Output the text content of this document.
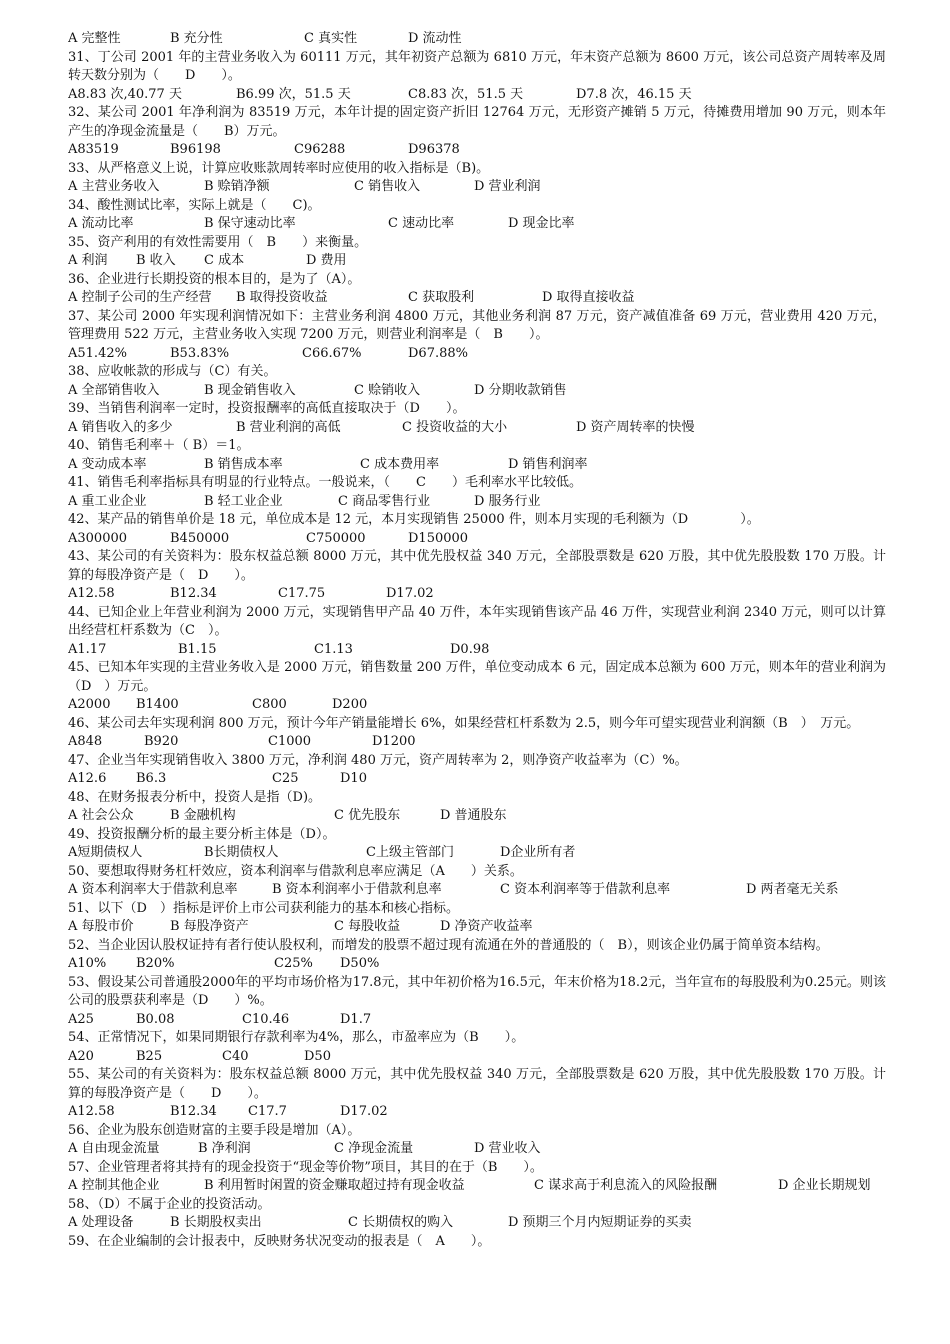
A 完整性	B 充分性	C 真实性	D 流动性
31、丁公司 2001 年的主营业务收入为 60111 万元，其年初资产总额为 6810 万元，年末资产总额为 8600 万元，该公司总资产周转率及周转天数分别为（　　D　　）。
A8.83 次,40.77 天	B6.99 次，51.5 天	C8.83 次，51.5 天	D7.8 次，46.15 天
32、某公司 2001 年净利润为 83519 万元，本年计提的固定资产折旧 12764 万元，无形资产摊销 5 万元，待摊费用增加 90 万元，则本年产生的净现金流量是（　　B）万元。
A83519	B96198	C96288	D96378
33、从严格意义上说，计算应收账款周转率时应使用的收入指标是（B)。
A 主营业务收入	B 赊销净额	C 销售收入	D 营业利润
34、酸性测试比率，实际上就是（　　C)。
A 流动比率	B 保守速动比率	C 速动比率	D 现金比率
35、资产利用的有效性需要用（　B　　）来衡量。
A 利润 B 收入 C 成本	D 费用
36、企业进行长期投资的根本目的，是为了（A）。
A 控制子公司的生产经营 B 取得投资收益	C 获取股利	D 取得直接收益
37、某公司 2000 年实现利润情况如下：主营业务利润 4800 万元，其他业务利润 87 万元，资产减值准备 69 万元，营业费用 420 万元，管理费用 522 万元，主营业务收入实现 7200 万元，则营业利润率是（　B　　）。
A51.42%	B53.83%	C66.67%	D67.88%
38、应收帐款的形成与（C）有关。
A 全部销售收入	B 现金销售收入	C 赊销收入	D 分期收款销售
39、当销售利润率一定时，投资报酬率的高低直接取决于（D　　）。
A 销售收入的多少	B 营业利润的高低	C 投资收益的大小	D 资产周转率的快慢
40、销售毛利率＋（ B）＝1。
A 变动成本率	B 销售成本率	C 成本费用率	D 销售利润率
41、销售毛利率指标具有明显的行业特点。一般说来，（　　C　　）毛利率水平比较低。
A 重工业企业	B 轻工业企业	C 商品零售行业	D 服务行业
42、某产品的销售单价是 18 元，单位成本是 12 元，本月实现销售 25000 件，则本月实现的毛利额为（D　　　　）。
A300000	B450000	C750000	D150000
43、某公司的有关资料为：股东权益总额 8000 万元，其中优先股权益 340 万元，全部股票数是 620 万股，其中优先股股数 170 万股。计算的每股净资产是（　D　　）。
A12.58	B12.34	C17.75	D17.02
44、已知企业上年营业利润为 2000 万元，实现销售甲产品 40 万件，本年实现销售该产品 46 万件，实现营业利润 2340 万元，则可以计算出经营杠杆系数为（C　）。
A1.17	B1.15	C1.13	D0.98
45、已知本年实现的主营业务收入是 2000 万元，销售数量 200 万件，单位变动成本 6 元，固定成本总额为 600 万元，则本年的营业利润为（D　）万元。
A2000 B1400	C800	D200
46、某公司去年实现利润 800 万元，预计今年产销量能增长 6%，如果经营杠杆系数为 2.5，则今年可望实现营业利润额（B　）　万元。
A848	B920	C1000	D1200
47、企业当年实现销售收入 3800 万元，净利润 480 万元，资产周转率为 2，则净资产收益率为（C）%。
A12.6 B6.3	C25	D10
48、在财务报表分析中，投资人是指（D)。
A 社会公众	B 金融机构	C 优先股东	D 普通股东
49、投资报酬分析的最主要分析主体是（D）。
A短期债权人	B长期债权人	C上级主管部门	D企业所有者
50、要想取得财务杠杆效应，资本利润率与借款利息率应满足（A　　）关系。
A 资本利润率大于借款利息率	B 资本利润率小于借款利息率	C 资本利润率等于借款利息率	D 两者毫无关系
51、以下（D　）指标是评价上市公司获利能力的基本和核心指标。
A 每股市价	B 每股净资产	C 每股收益	D 净资产收益率
52、当企业因认股权证持有者行使认股权利，而增发的股票不超过现有流通在外的普通股的（　B），则该企业仍属于简单资本结构。
A10% B20%	C25% D50%
53、假设某公司普通股2000年的平均市场价格为17.8元，其中年初价格为16.5元，年末价格为18.2元，当年宣布的每股股利为0.25元。则该公司的股票获利率是（D　　）%。
A25	B0.08	C10.46	D1.7
54、正常情况下，如果同期银行存款利率为4%，那么，市盈率应为（B　　）。
A20	B25	C40	D50
55、某公司的有关资料为：股东权益总额 8000 万元，其中优先股权益 340 万元，全部股票数是 620 万股，其中优先股股数 170 万股。计算的每股净资产是（　　D　　）。
A12.58	B12.34 C17.7	D17.02
56、企业为股东创造财富的主要手段是增加（A）。
A 自由现金流量	B 净利润	C 净现金流量	D 营业收入
57、企业管理者将其持有的现金投资于“现金等价物”项目，其目的在于（B　　）。
A 控制其他企业	B 利用暂时闲置的资金赚取超过持有现金收益	C 谋求高于利息流入的风险报酬	D 企业长期规划
58、（D）不属于企业的投资活动。
A 处理设备	B 长期股权卖出	C 长期债权的购入	D 预期三个月内短期证券的买卖
59、在企业编制的会计报表中，反映财务状况变动的报表是（　A　　）。
